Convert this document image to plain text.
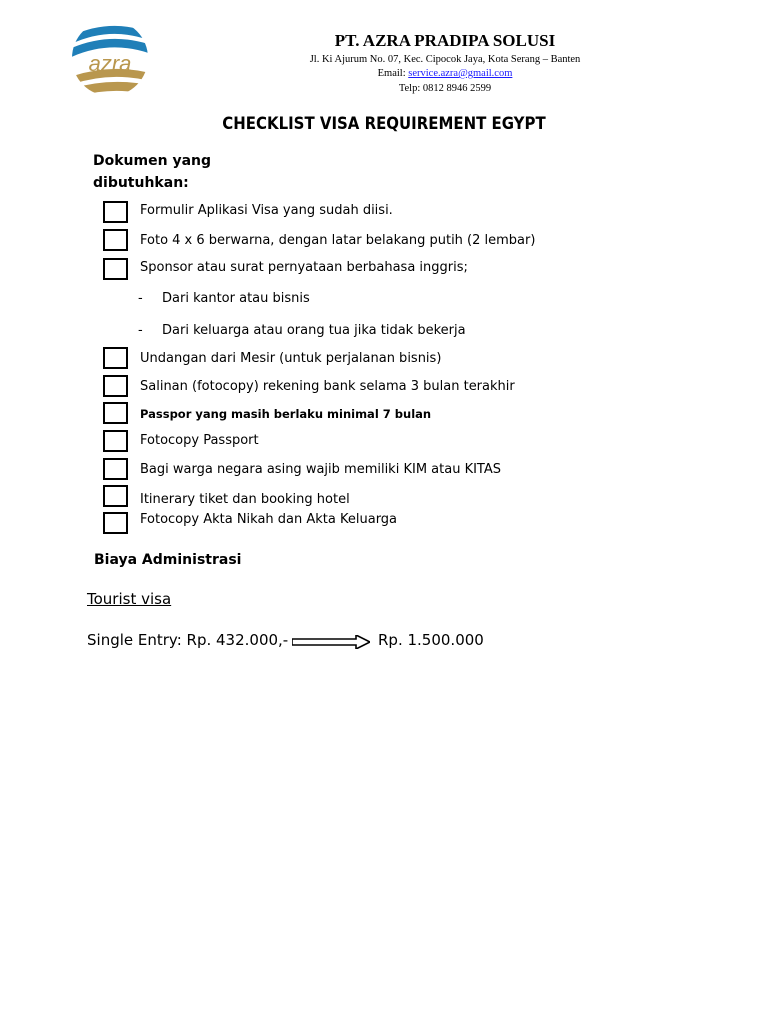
azra
PT. AZRA PRADIPA SOLUSI
Jl. Ki Ajurum No. 07, Kec. Cipocok Jaya, Kota Serang – Banten
Email: service.azra@gmail.com
Telp: 0812 8946 2599
CHECKLIST VISA REQUIREMENT EGYPT
Dokumen yang dibutuhkan:
Formulir Aplikasi Visa yang sudah diisi.
Foto 4 x 6 berwarna, dengan latar belakang putih (2 lembar)
Sponsor atau surat pernyataan berbahasa inggris;
- Dari kantor atau bisnis
- Dari keluarga atau orang tua jika tidak bekerja
Undangan dari Mesir (untuk perjalanan bisnis)
Salinan (fotocopy) rekening bank selama 3 bulan terakhir
Passpor yang masih berlaku minimal 7 bulan
Fotocopy Passport
Bagi warga negara asing wajib memiliki KIM atau KITAS
Itinerary tiket dan booking hotel
Fotocopy Akta Nikah dan Akta Keluarga
Biaya Administrasi
Tourist visa
Single Entry: Rp. 432.000,-	Rp. 1.500.000
